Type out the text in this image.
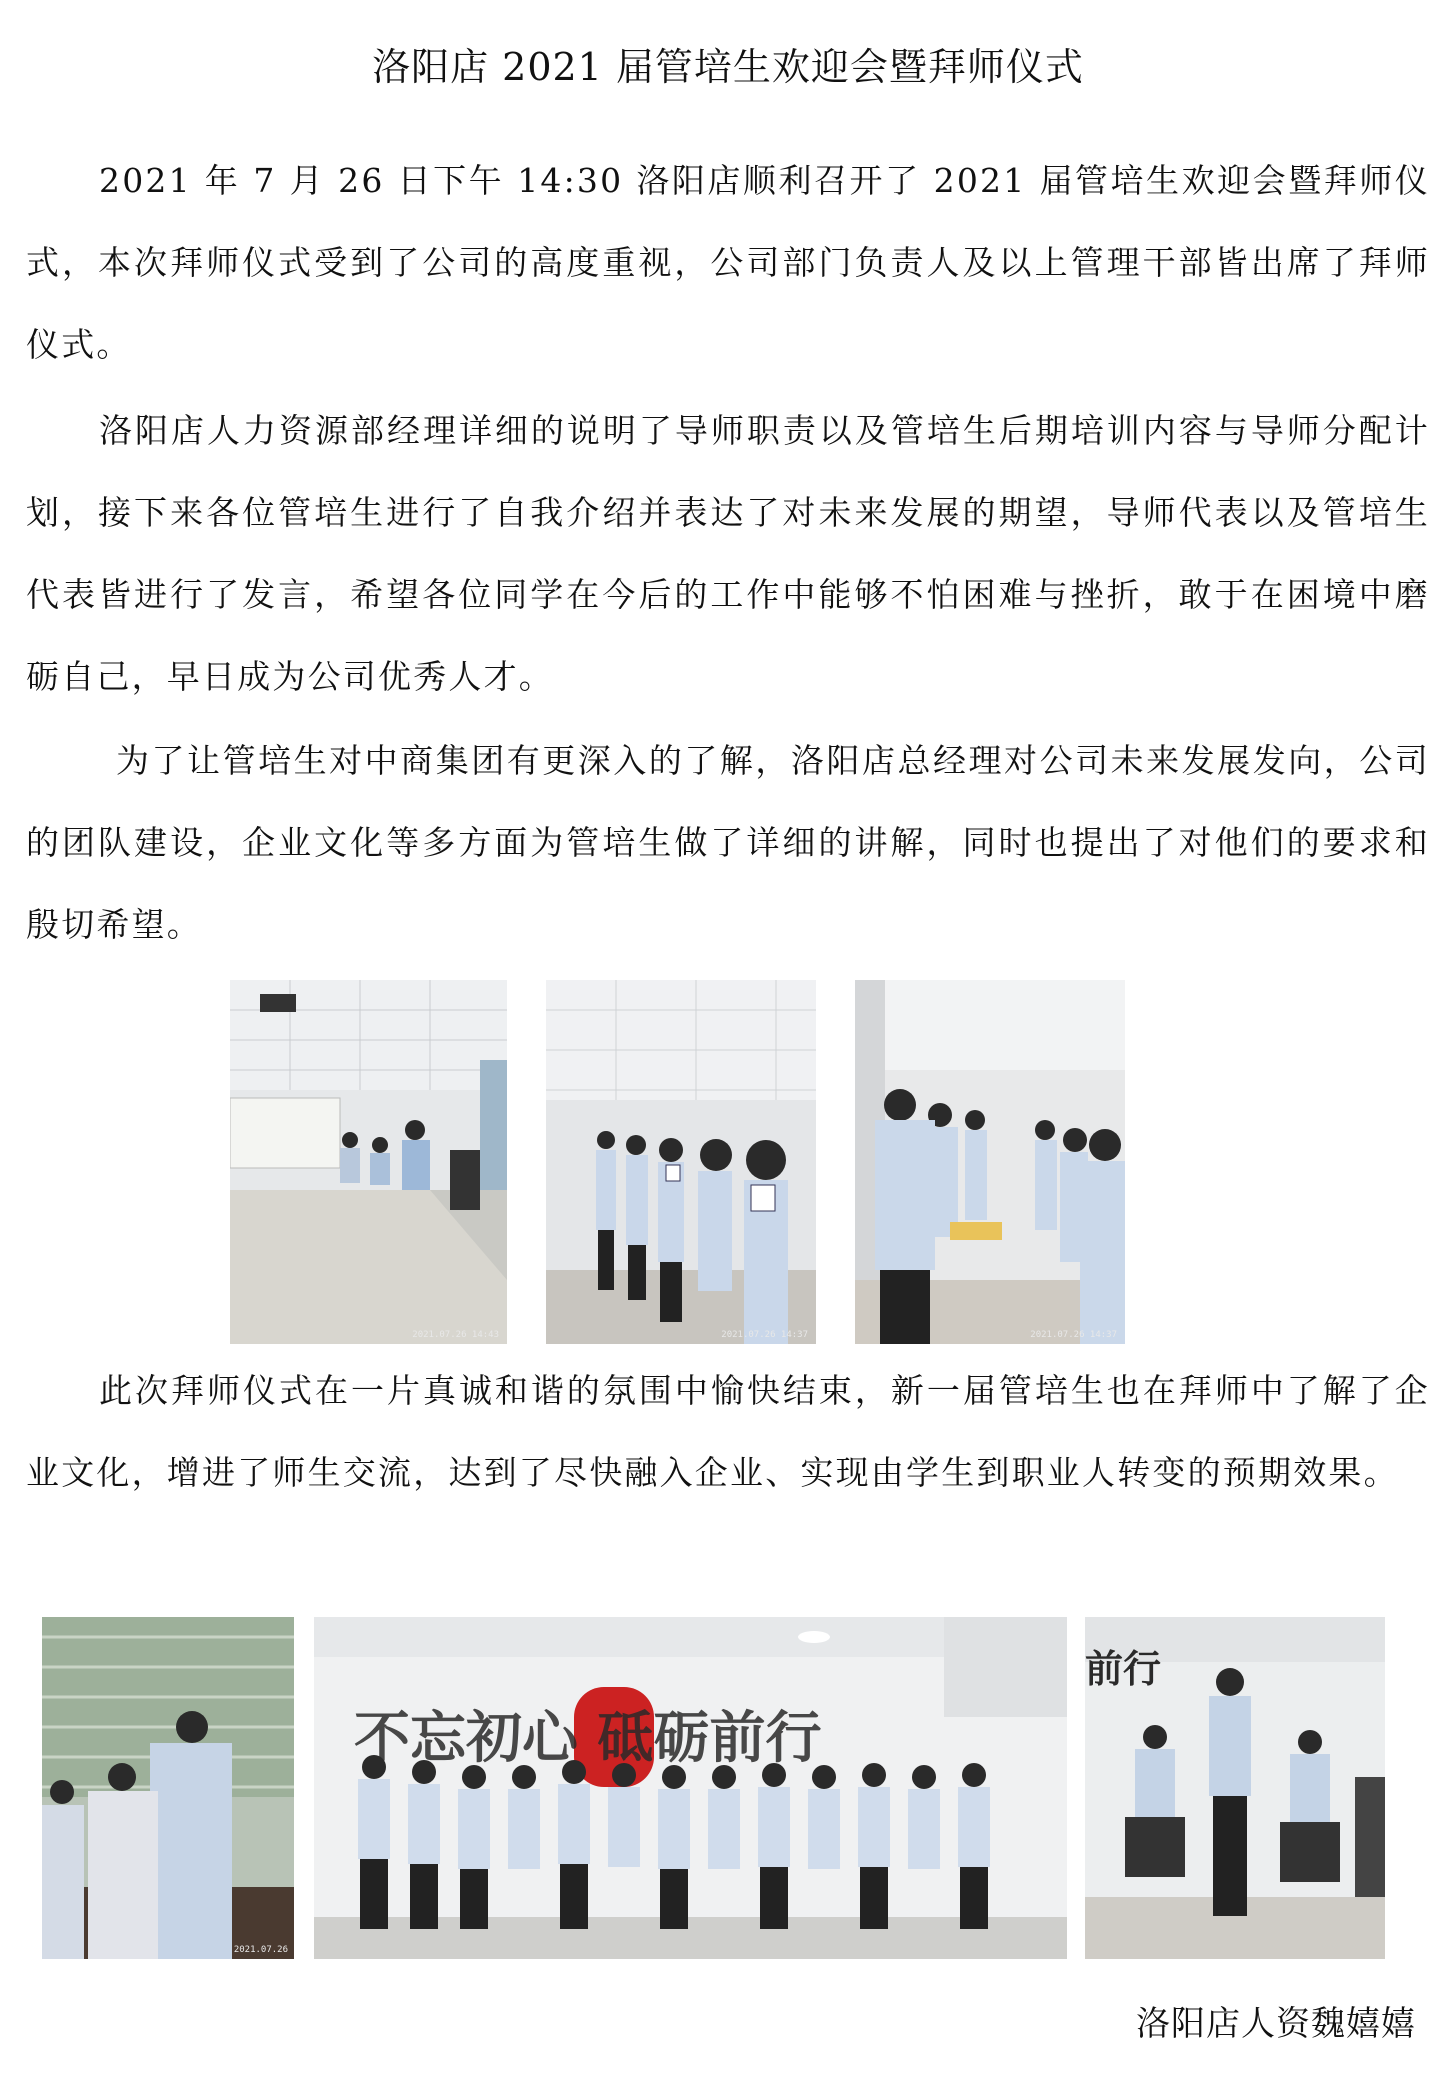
洛阳店 2021 届管培生欢迎会暨拜师仪式

2021 年 7 月 26 日下午 14:30 洛阳店顺利召开了 2021 届管培生欢迎会暨拜师仪式，本次拜师仪式受到了公司的高度重视，公司部门负责人及以上管理干部皆出席了拜师仪式。

洛阳店人力资源部经理详细的说明了导师职责以及管培生后期培训内容与导师分配计划，接下来各位管培生进行了自我介绍并表达了对未来发展的期望，导师代表以及管培生代表皆进行了发言，希望各位同学在今后的工作中能够不怕困难与挫折，敢于在困境中磨砺自己，早日成为公司优秀人才。

为了让管培生对中商集团有更深入的了解，洛阳店总经理对公司未来发展发向，公司的团队建设，企业文化等多方面为管培生做了详细的讲解，同时也提出了对他们的要求和殷切希望。

2021.07.26 14:43	2021.07.26 14:37	2021.07.26 14:37

此次拜师仪式在一片真诚和谐的氛围中愉快结束，新一届管培生也在拜师中了解了企业文化，增进了师生交流，达到了尽快融入企业、实现由学生到职业人转变的预期效果。

2021.07.26
不忘初心 砥砺前行
前行
洛阳店人资魏嬉嬉
